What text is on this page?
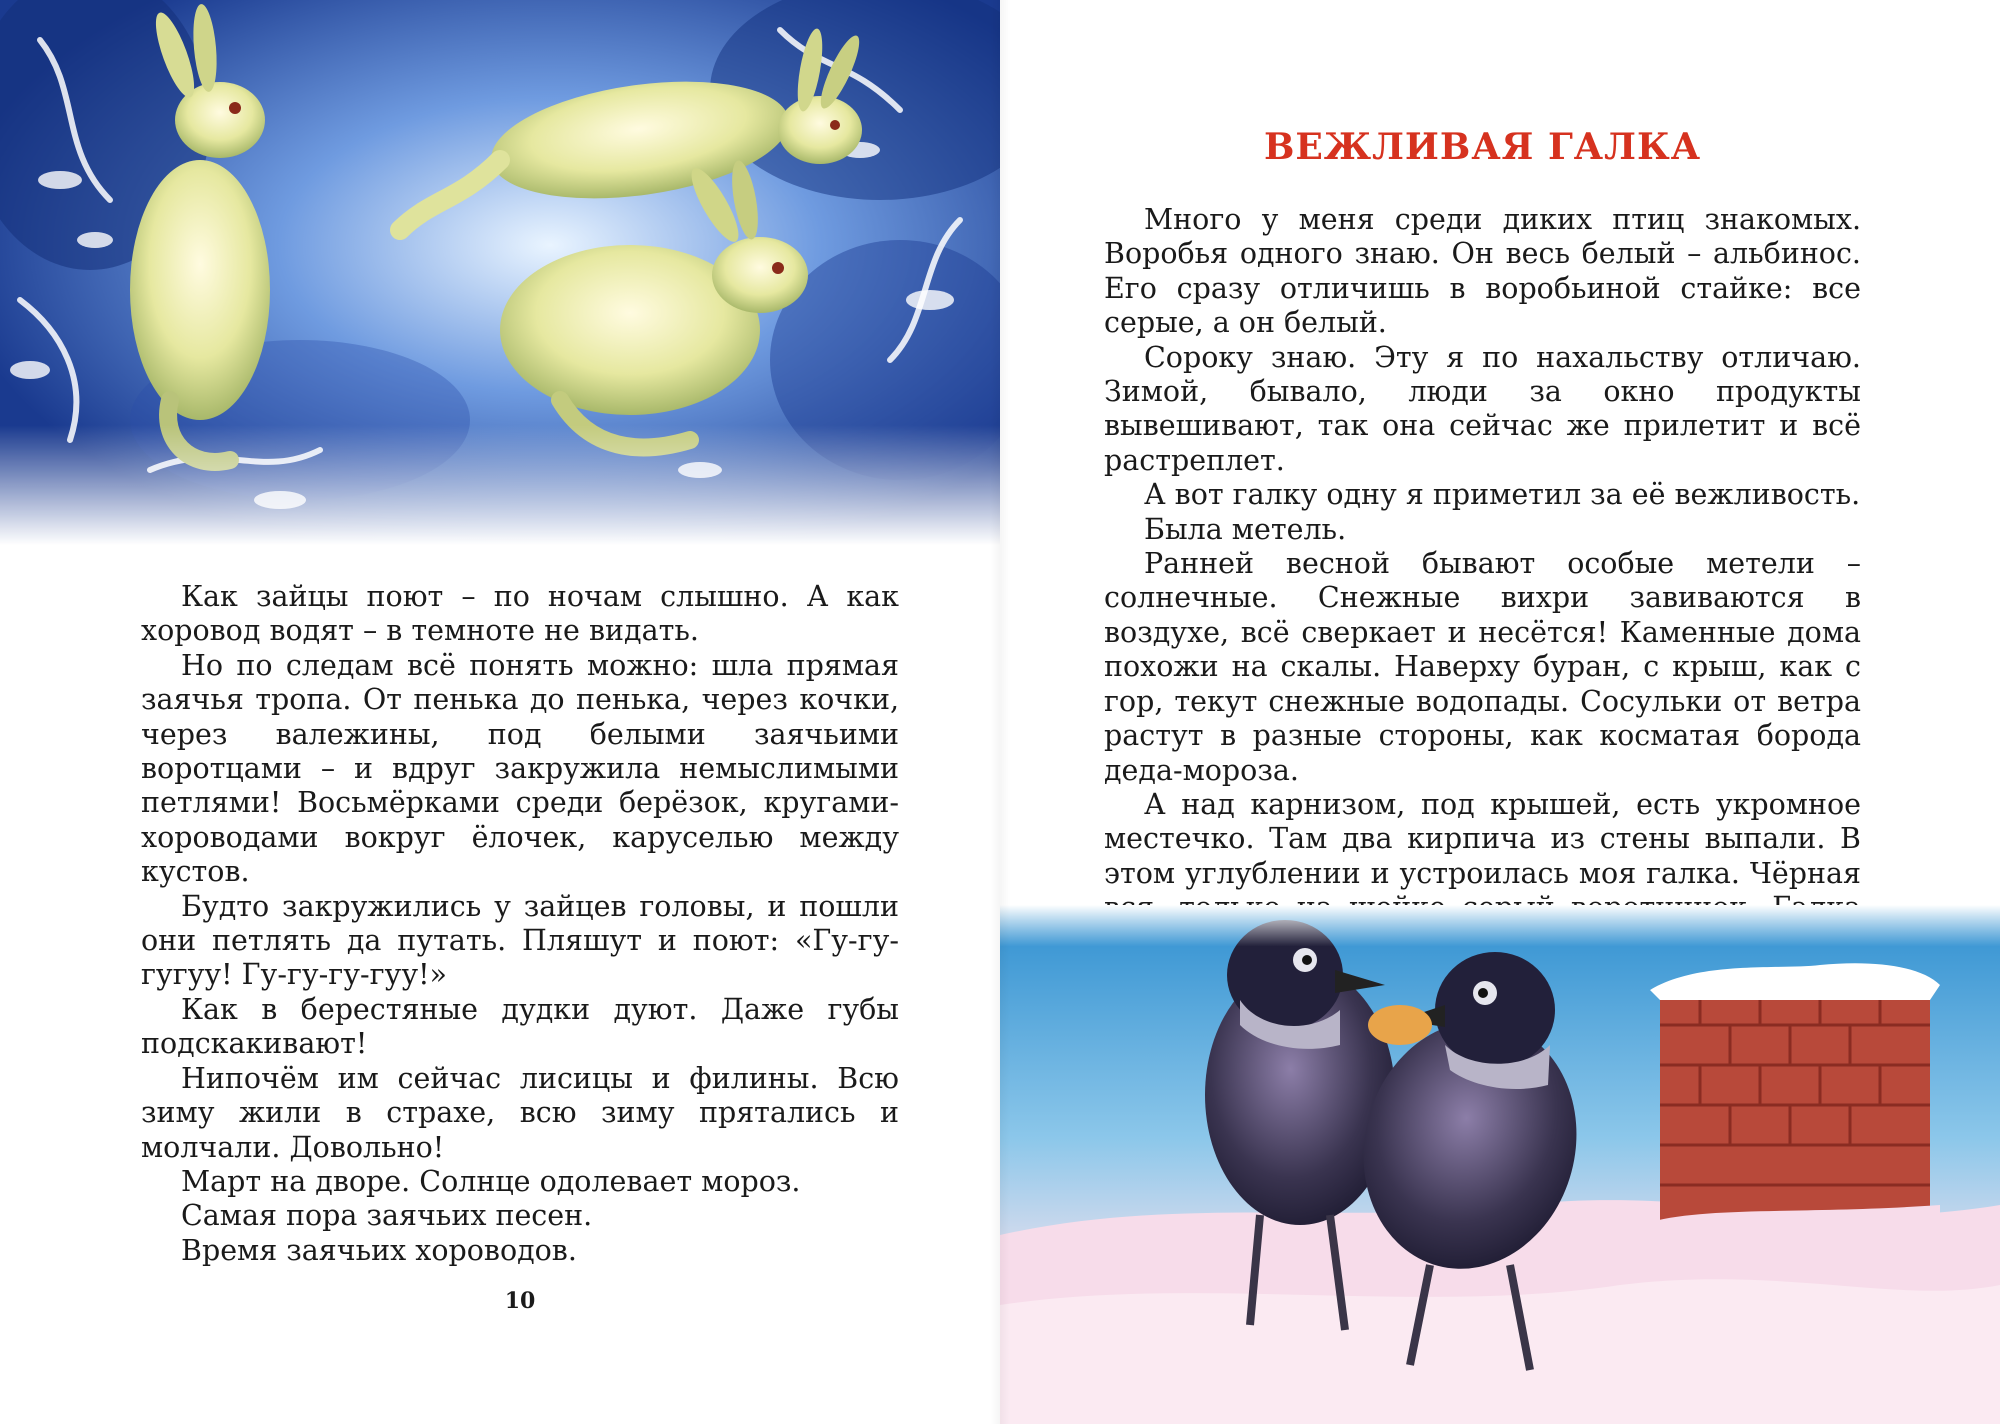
Как зайцы поют – по ночам слышно. А как хоровод водят – в темноте не видать.

Но по следам всё понять можно: шла прямая заячья тропа. От пенька до пенька, через кочки, через валежины, под белыми заячьими воротцами – и вдруг закружила немыслимыми петлями! Восьмёрками среди берёзок, кругами-хороводами вокруг ёлочек, каруселью между кустов.

Будто закружились у зайцев головы, и пошли они петлять да путать. Пляшут и поют: «Гу-гу-гугуу! Гу-гу-гу-гуу!»

Как в берестяные дудки дуют. Даже губы подскакивают!

Нипочём им сейчас лисицы и филины. Всю зиму жили в страхе, всю зиму прятались и молчали. Довольно!

Март на дворе. Солнце одолевает мороз.

Самая пора заячьих песен.

Время заячьих хороводов.

10
ВЕЖЛИВАЯ ГАЛКА

Много у меня среди диких птиц знакомых. Воробья одного знаю. Он весь белый – альбинос. Его сразу отличишь в воробьиной стайке: все серые, а он белый.

Сороку знаю. Эту я по нахальству отличаю. Зимой, бывало, люди за окно продукты вывешивают, так она сейчас же прилетит и всё растреплет.

А вот галку одну я приметил за её вежливость.

Была метель.

Ранней весной бывают особые метели – солнечные. Снежные вихри завиваются в воздухе, всё сверкает и несётся! Каменные дома похожи на скалы. Наверху буран, с крыш, как с гор, текут снежные водопады. Сосульки от ветра растут в разные стороны, как косматая борода деда-мороза.

А над карнизом, под крышей, есть укромное местечко. Там два кирпича из стены выпали. В этом углублении и устроилась моя галка. Чёрная
